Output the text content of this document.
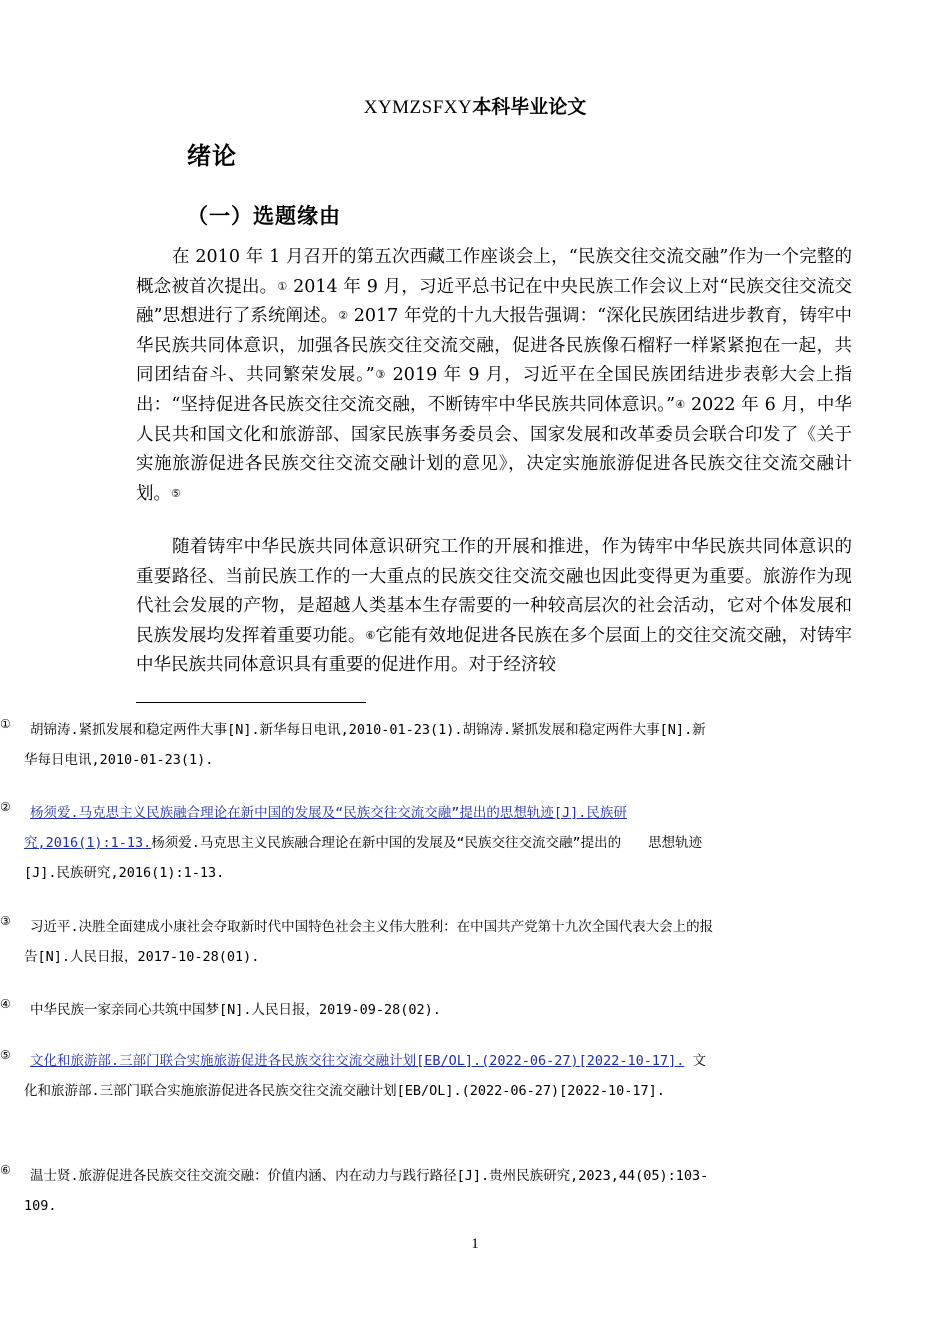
XYMZSFXY本科毕业论文
绪论
（一）选题缘由

在 2010 年 1 月召开的第五次西藏工作座谈会上，“民族交往交流交融”作为一个完整的概念被首次提出。① 2014 年 9 月，习近平总书记在中央民族工作会议上对“民族交往交流交融”思想进行了系统阐述。② 2017 年党的十九大报告强调：“深化民族团结进步教育，铸牢中华民族共同体意识，加强各民族交往交流交融，促进各民族像石榴籽一样紧紧抱在一起，共同团结奋斗、共同繁荣发展。”③ 2019 年 9 月，习近平在全国民族团结进步表彰大会上指出：“坚持促进各民族交往交流交融，不断铸牢中华民族共同体意识。”④ 2022 年 6 月，中华人民共和国文化和旅游部、国家民族事务委员会、国家发展和改革委员会联合印发了《关于实施旅游促进各民族交往交流交融计划的意见》，决定实施旅游促进各民族交往交流交融计划。⑤

随着铸牢中华民族共同体意识研究工作的开展和推进，作为铸牢中华民族共同体意识的重要路径、当前民族工作的一大重点的民族交往交流交融也因此变得更为重要。旅游作为现代社会发展的产物，是超越人类基本生存需要的一种较高层次的社会活动，它对个体发展和民族发展均发挥着重要功能。⑥它能有效地促进各民族在多个层面上的交往交流交融，对铸牢中华民族共同体意识具有重要的促进作用。对于经济较

①	胡锦涛.紧抓发展和稳定两件大事[N].新华每日电讯,2010-01-23(1).胡锦涛.紧抓发展和稳定两件大事[N].新华每日电讯,2010-01-23(1).
②	杨须爱.马克思主义民族融合理论在新中国的发展及“民族交往交流交融”提出的思想轨迹[J].民族研究,2016(1):1-13.杨须爱.马克思主义民族融合理论在新中国的发展及“民族交往交流交融”提出的　　思想轨迹[J].民族研究,2016(1):1-13.
③	习近平.决胜全面建成小康社会夺取新时代中国特色社会主义伟大胜利：在中国共产党第十九次全国代表大会上的报告[N].人民日报，2017-10-28(01).
④	中华民族一家亲同心共筑中国梦[N].人民日报，2019-09-28(02).
⑤	文化和旅游部.三部门联合实施旅游促进各民族交往交流交融计划[EB/OL].(2022-06-27)[2022-10-17]. 文化和旅游部.三部门联合实施旅游促进各民族交往交流交融计划[EB/OL].(2022-06-27)[2022-10-17].
⑥	温士贤.旅游促进各民族交往交流交融：价值内涵、内在动力与践行路径[J].贵州民族研究,2023,44(05):103-109.
1
